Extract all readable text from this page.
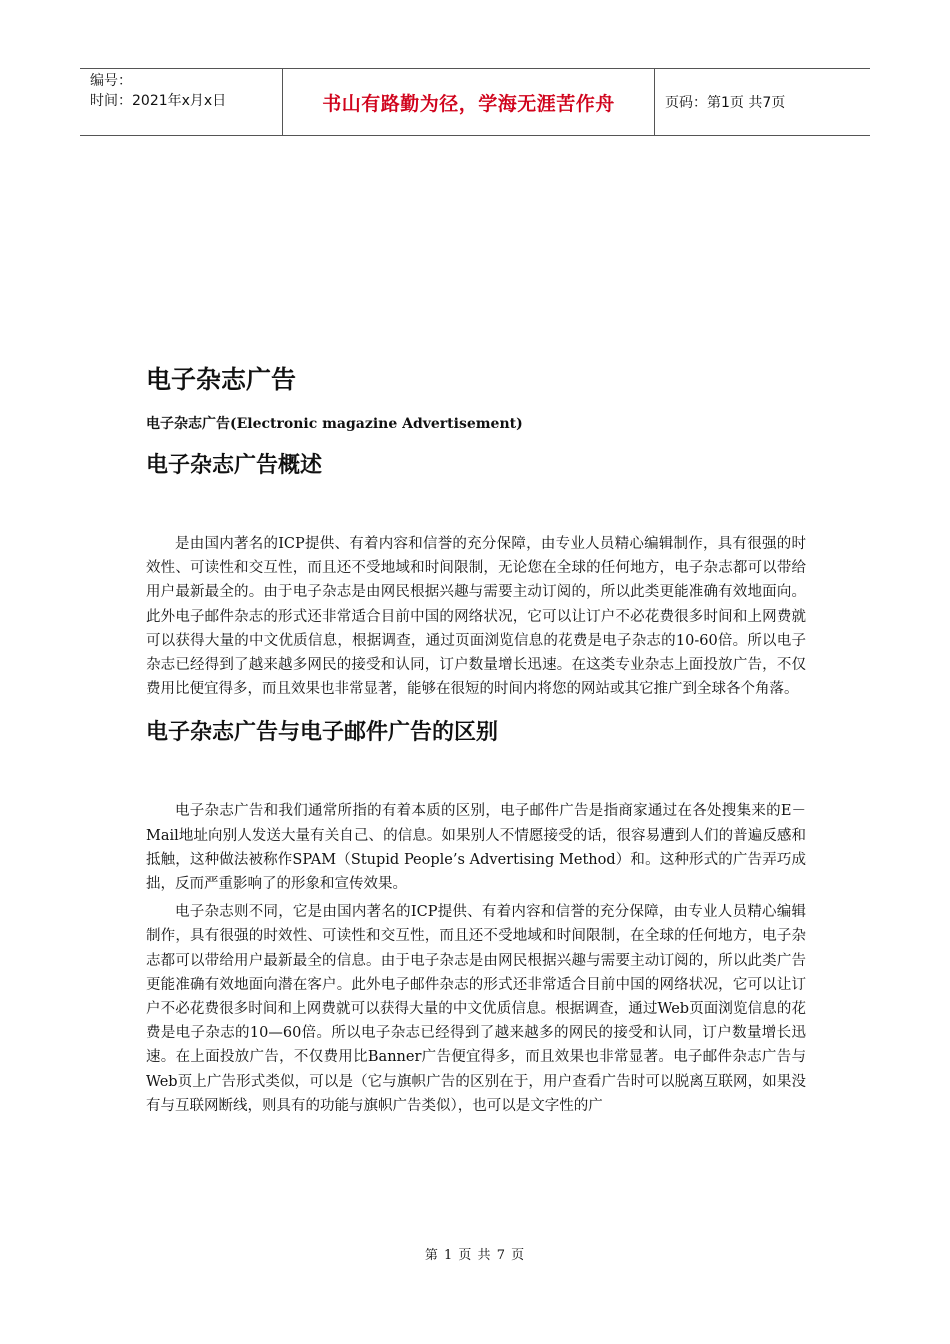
编号：
时间：2021年x月x日	书山有路勤为径，学海无涯苦作舟	页码：第1页 共7页
电子杂志广告
电子杂志广告(Electronic magazine Advertisement)
电子杂志广告概述

是由国内著名的ICP提供、有着内容和信誉的充分保障，由专业人员精心编辑制作，具有很强的时效性、可读性和交互性，而且还不受地域和时间限制，无论您在全球的任何地方，电子杂志都可以带给用户最新最全的。由于电子杂志是由网民根据兴趣与需要主动订阅的，所以此类更能准确有效地面向。此外电子邮件杂志的形式还非常适合目前中国的网络状况，它可以让订户不必花费很多时间和上网费就可以获得大量的中文优质信息，根据调查，通过页面浏览信息的花费是电子杂志的10-60倍。所以电子杂志已经得到了越来越多网民的接受和认同，订户数量增长迅速。在这类专业杂志上面投放广告，不仅费用比便宜得多，而且效果也非常显著，能够在很短的时间内将您的网站或其它推广到全球各个角落。

电子杂志广告与电子邮件广告的区别

电子杂志广告和我们通常所指的有着本质的区别，电子邮件广告是指商家通过在各处搜集来的E－Mail地址向别人发送大量有关自己、的信息。如果别人不情愿接受的话，很容易遭到人们的普遍反感和抵触，这种做法被称作SPAM（Stupid People’s Advertising Method）和。这种形式的广告弄巧成拙，反而严重影响了的形象和宣传效果。

电子杂志则不同，它是由国内著名的ICP提供、有着内容和信誉的充分保障，由专业人员精心编辑制作，具有很强的时效性、可读性和交互性，而且还不受地域和时间限制，在全球的任何地方，电子杂志都可以带给用户最新最全的信息。由于电子杂志是由网民根据兴趣与需要主动订阅的，所以此类广告更能准确有效地面向潜在客户。此外电子邮件杂志的形式还非常适合目前中国的网络状况，它可以让订户不必花费很多时间和上网费就可以获得大量的中文优质信息。根据调查，通过Web页面浏览信息的花费是电子杂志的10—60倍。所以电子杂志已经得到了越来越多的网民的接受和认同，订户数量增长迅速。在上面投放广告，不仅费用比Banner广告便宜得多，而且效果也非常显著。电子邮件杂志广告与Web页上广告形式类似，可以是（它与旗帜广告的区别在于，用户查看广告时可以脱离互联网，如果没有与互联网断线，则具有的功能与旗帜广告类似），也可以是文字性的广

第 1 页 共 7 页
